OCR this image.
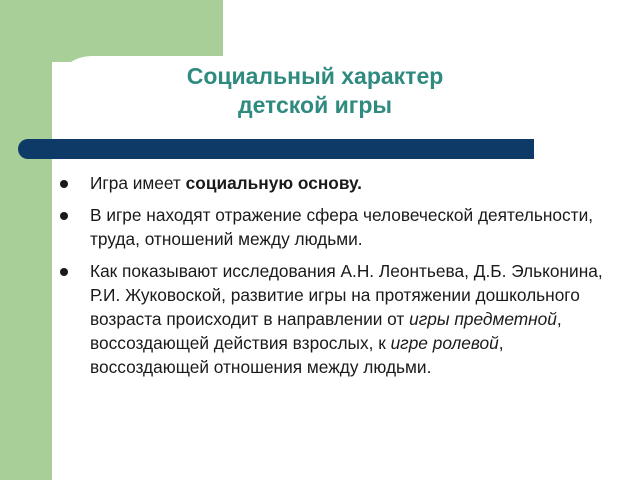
Социальный характер
детской игры
Игра имеет социальную основу.
В игре находят отражение сфера человеческой деятельности, труда, отношений между людьми.
Как показывают исследования А.Н. Леонтьева, Д.Б. Эльконина, Р.И. Жуковоской, развитие игры на протяжении дошкольного возраста происходит в направлении от игры предметной, воссоздающей действия взрослых, к игре ролевой, воссоздающей отношения между людьми.
